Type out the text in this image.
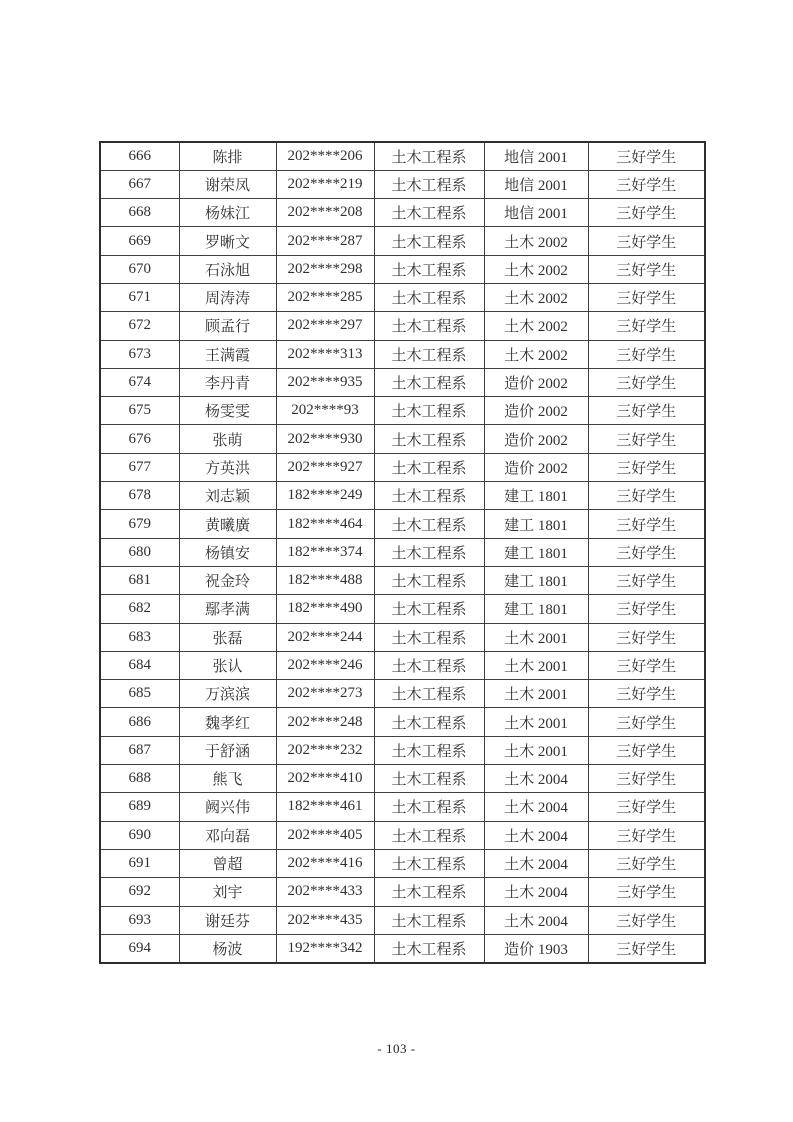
666	陈排	202****206	土木工程系	地信 2001	三好学生
667	谢荣凤	202****219	土木工程系	地信 2001	三好学生
668	杨妹江	202****208	土木工程系	地信 2001	三好学生
669	罗晰文	202****287	土木工程系	土木 2002	三好学生
670	石泳旭	202****298	土木工程系	土木 2002	三好学生
671	周涛涛	202****285	土木工程系	土木 2002	三好学生
672	顾孟行	202****297	土木工程系	土木 2002	三好学生
673	王满霞	202****313	土木工程系	土木 2002	三好学生
674	李丹青	202****935	土木工程系	造价 2002	三好学生
675	杨雯雯	202****93	土木工程系	造价 2002	三好学生
676	张萌	202****930	土木工程系	造价 2002	三好学生
677	方英洪	202****927	土木工程系	造价 2002	三好学生
678	刘志颖	182****249	土木工程系	建工 1801	三好学生
679	黄曦廣	182****464	土木工程系	建工 1801	三好学生
680	杨镇安	182****374	土木工程系	建工 1801	三好学生
681	祝金玲	182****488	土木工程系	建工 1801	三好学生
682	鄢孝满	182****490	土木工程系	建工 1801	三好学生
683	张磊	202****244	土木工程系	土木 2001	三好学生
684	张认	202****246	土木工程系	土木 2001	三好学生
685	万滨滨	202****273	土木工程系	土木 2001	三好学生
686	魏孝红	202****248	土木工程系	土木 2001	三好学生
687	于舒涵	202****232	土木工程系	土木 2001	三好学生
688	熊飞	202****410	土木工程系	土木 2004	三好学生
689	阙兴伟	182****461	土木工程系	土木 2004	三好学生
690	邓向磊	202****405	土木工程系	土木 2004	三好学生
691	曾超	202****416	土木工程系	土木 2004	三好学生
692	刘宇	202****433	土木工程系	土木 2004	三好学生
693	谢廷芬	202****435	土木工程系	土木 2004	三好学生
694	杨波	192****342	土木工程系	造价 1903	三好学生
- 103 -
